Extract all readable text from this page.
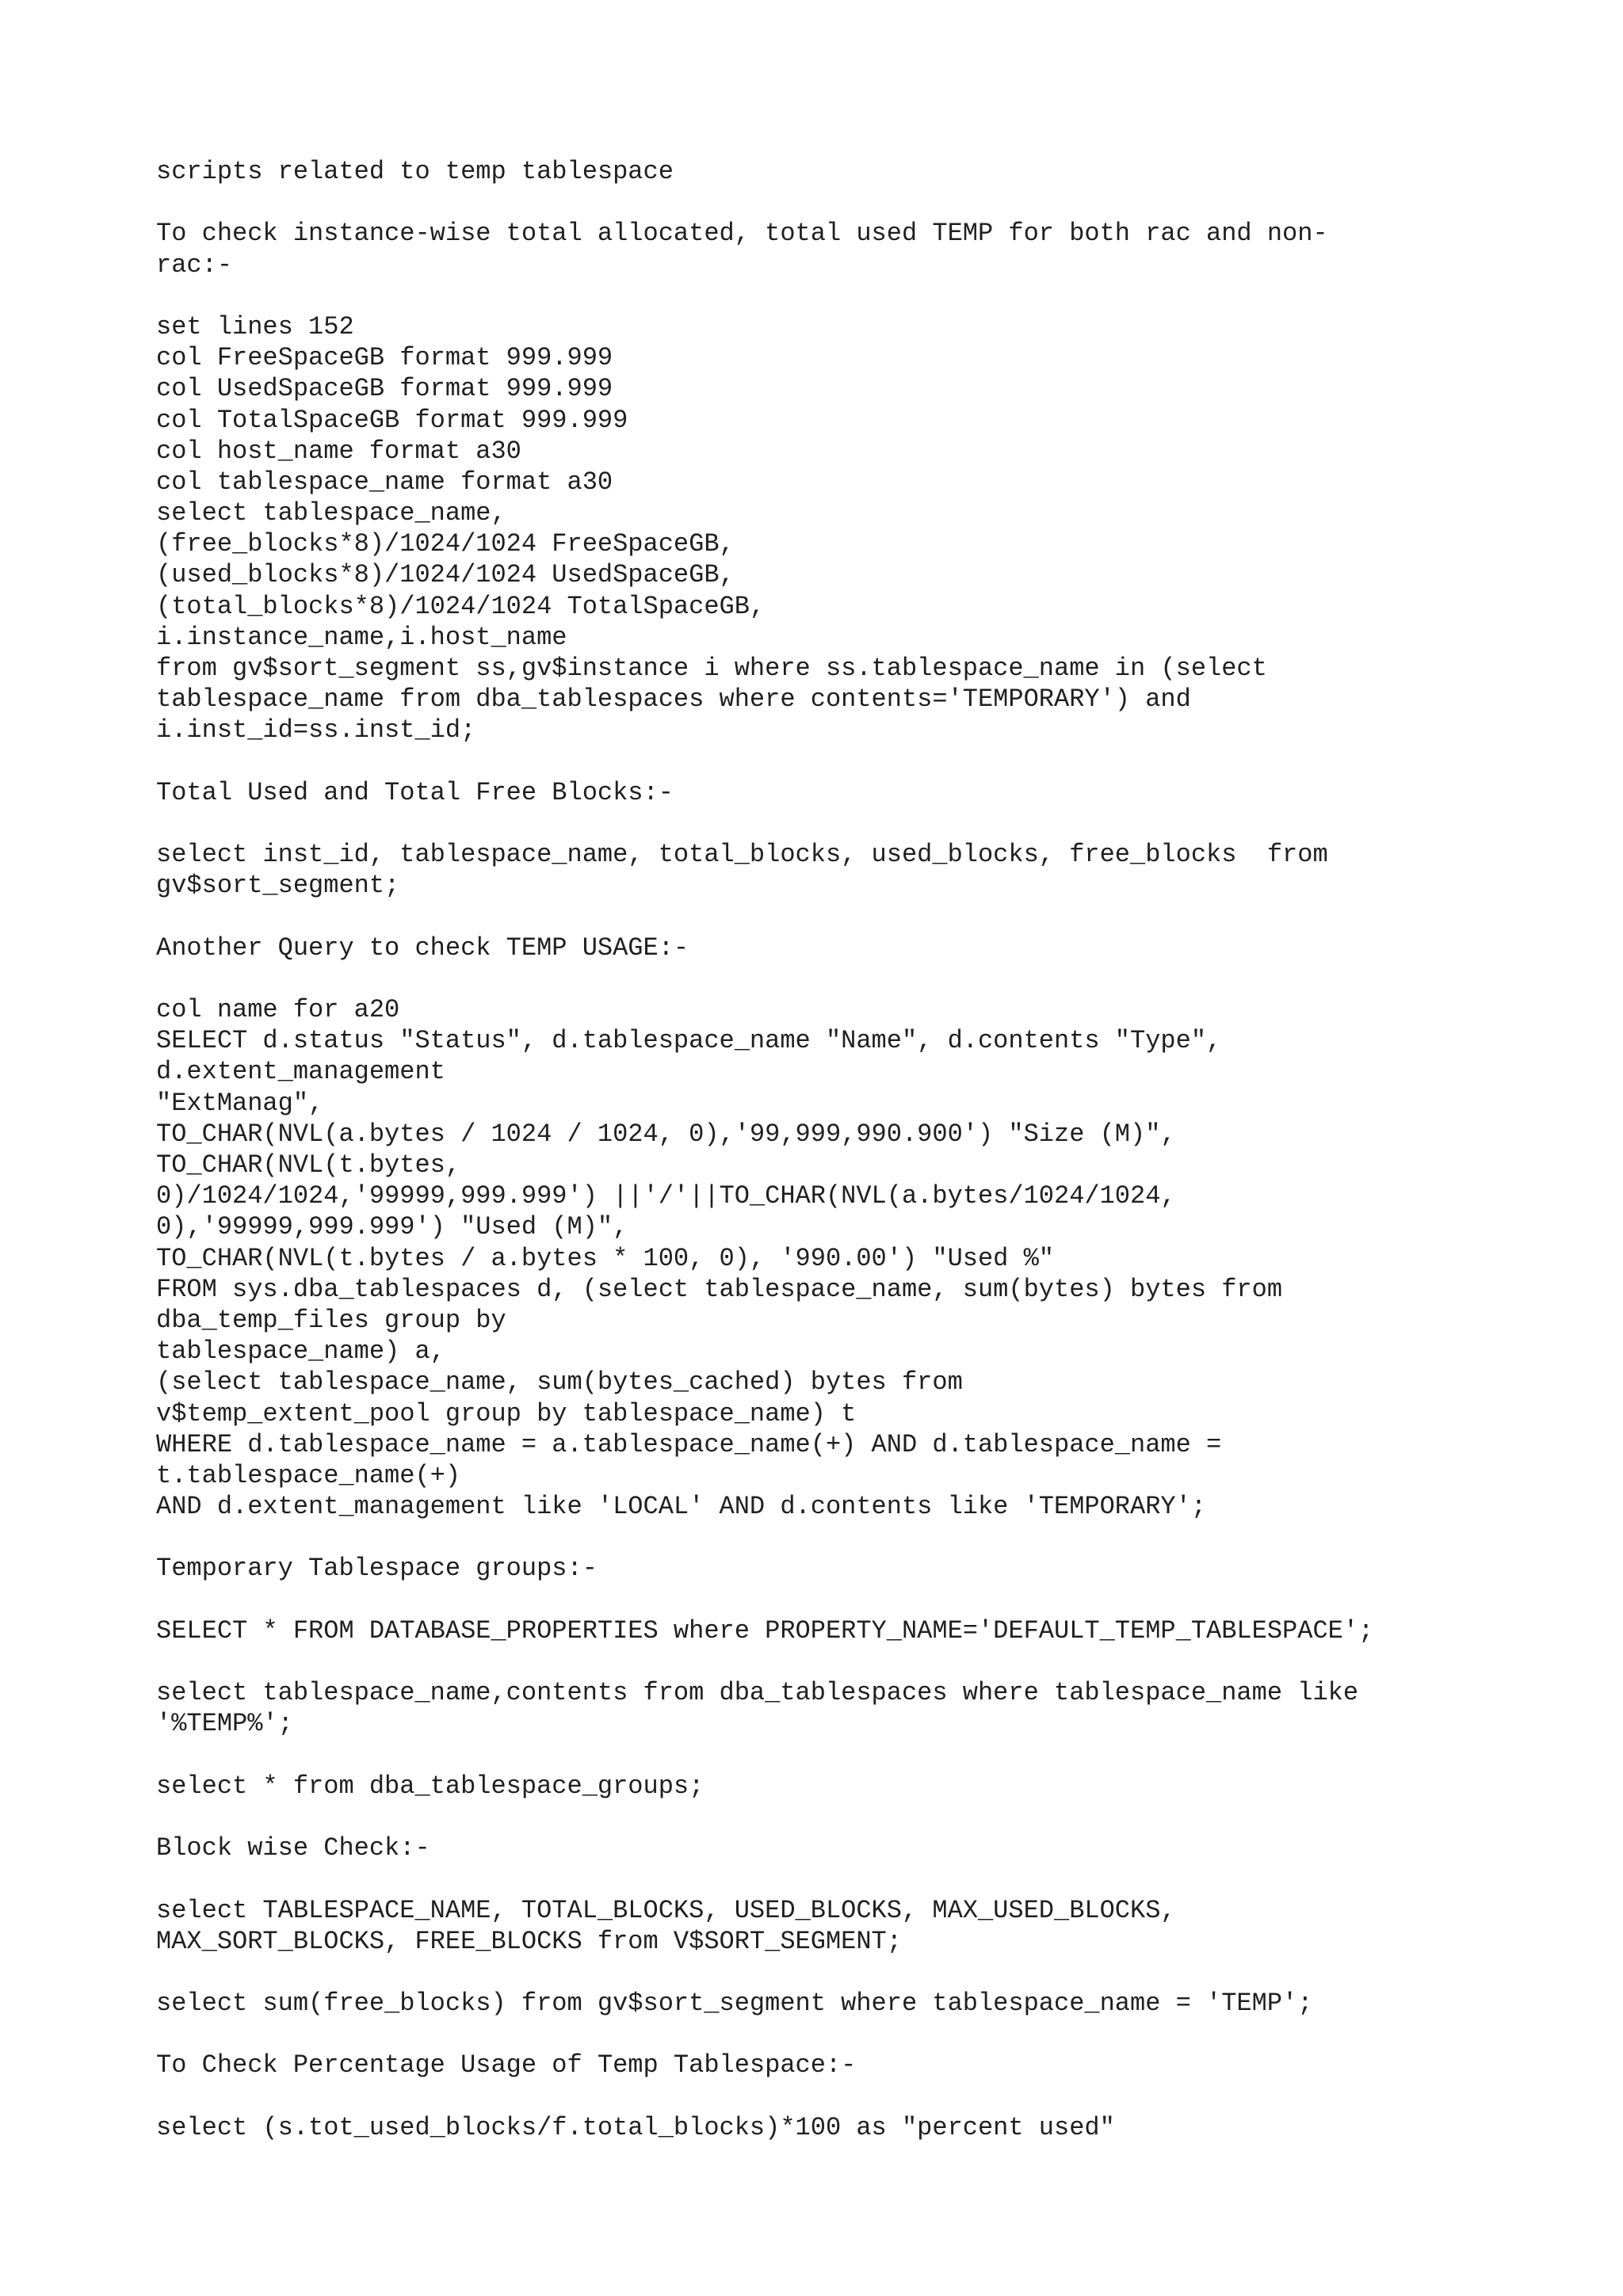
scripts related to temp tablespace
To check instance-wise total allocated, total used TEMP for both rac and non-
rac:-
set lines 152
col FreeSpaceGB format 999.999
col UsedSpaceGB format 999.999
col TotalSpaceGB format 999.999
col host_name format a30
col tablespace_name format a30
select tablespace_name,
(free_blocks*8)/1024/1024 FreeSpaceGB,
(used_blocks*8)/1024/1024 UsedSpaceGB,
(total_blocks*8)/1024/1024 TotalSpaceGB,
i.instance_name,i.host_name
from gv$sort_segment ss,gv$instance i where ss.tablespace_name in (select
tablespace_name from dba_tablespaces where contents='TEMPORARY') and
i.inst_id=ss.inst_id;
Total Used and Total Free Blocks:-
select inst_id, tablespace_name, total_blocks, used_blocks, free_blocks  from
gv$sort_segment;
Another Query to check TEMP USAGE:-
col name for a20
SELECT d.status "Status", d.tablespace_name "Name", d.contents "Type",
d.extent_management
"ExtManag",
TO_CHAR(NVL(a.bytes / 1024 / 1024, 0),'99,999,990.900') "Size (M)",
TO_CHAR(NVL(t.bytes,
0)/1024/1024,'99999,999.999') ||'/'||TO_CHAR(NVL(a.bytes/1024/1024,
0),'99999,999.999') "Used (M)",
TO_CHAR(NVL(t.bytes / a.bytes * 100, 0), '990.00') "Used %"
FROM sys.dba_tablespaces d, (select tablespace_name, sum(bytes) bytes from
dba_temp_files group by
tablespace_name) a,
(select tablespace_name, sum(bytes_cached) bytes from
v$temp_extent_pool group by tablespace_name) t
WHERE d.tablespace_name = a.tablespace_name(+) AND d.tablespace_name =
t.tablespace_name(+)
AND d.extent_management like 'LOCAL' AND d.contents like 'TEMPORARY';
Temporary Tablespace groups:-
SELECT * FROM DATABASE_PROPERTIES where PROPERTY_NAME='DEFAULT_TEMP_TABLESPACE';
select tablespace_name,contents from dba_tablespaces where tablespace_name like
'%TEMP%';
select * from dba_tablespace_groups;
Block wise Check:-
select TABLESPACE_NAME, TOTAL_BLOCKS, USED_BLOCKS, MAX_USED_BLOCKS,
MAX_SORT_BLOCKS, FREE_BLOCKS from V$SORT_SEGMENT;
select sum(free_blocks) from gv$sort_segment where tablespace_name = 'TEMP';
To Check Percentage Usage of Temp Tablespace:-
select (s.tot_used_blocks/f.total_blocks)*100 as "percent used"
